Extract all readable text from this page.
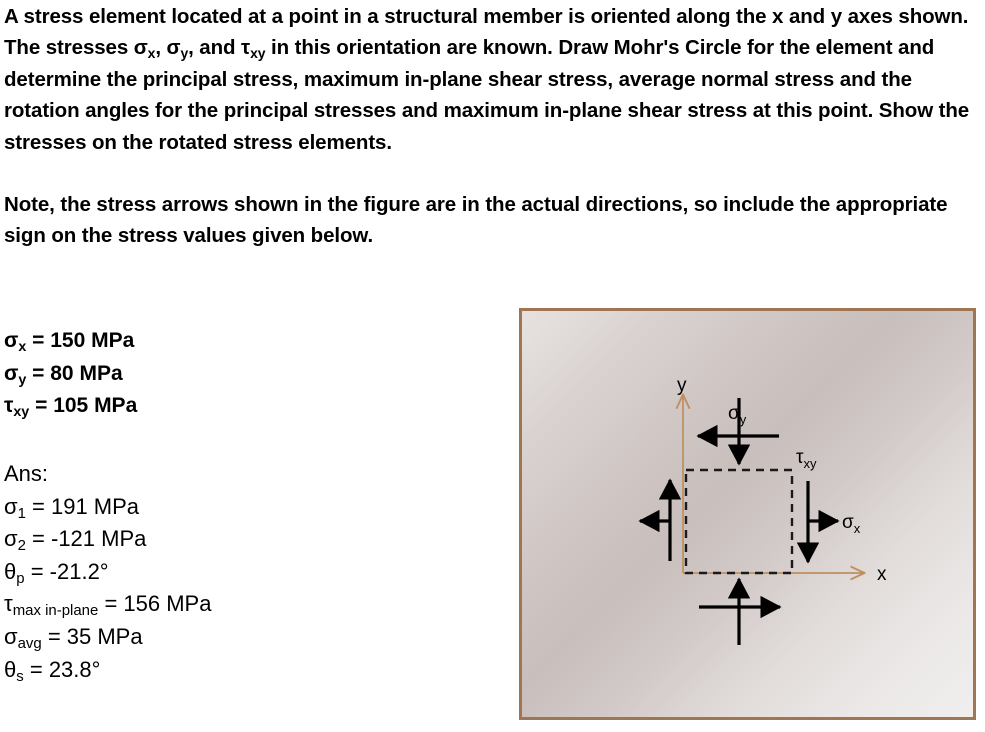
A stress element located at a point in a structural member is oriented along the x and y axes shown. The stresses $\sigma_x$, $\sigma_y$, and $\tau_{xy}$ in this orientation are known. Draw Mohr's Circle for the element and determine the principal stress, maximum in-plane shear stress, average normal stress and the rotation angles for the principal stresses and maximum in-plane shear stress at this point. Show the stresses on the rotated stress elements.

Note, the stress arrows shown in the figure are in the actual directions, so include the appropriate sign on the stress values given below.

$\sigma_x = 150$ MPa
$\sigma_y = 80$ MPa
$\tau_{xy} = 105$ MPa
Ans:
$\sigma_1 = 191$ MPa
$\sigma_2 = -121$ MPa
$\theta_p = -21.2^\circ$
$\tau_{max in-plane} = 156$ MPa
$\sigma_{avg} = 35$ MPa
$\theta_s = 23.8^\circ$
y
x
$\sigma_y$
$\sigma_x$
$\tau_{xy}$
